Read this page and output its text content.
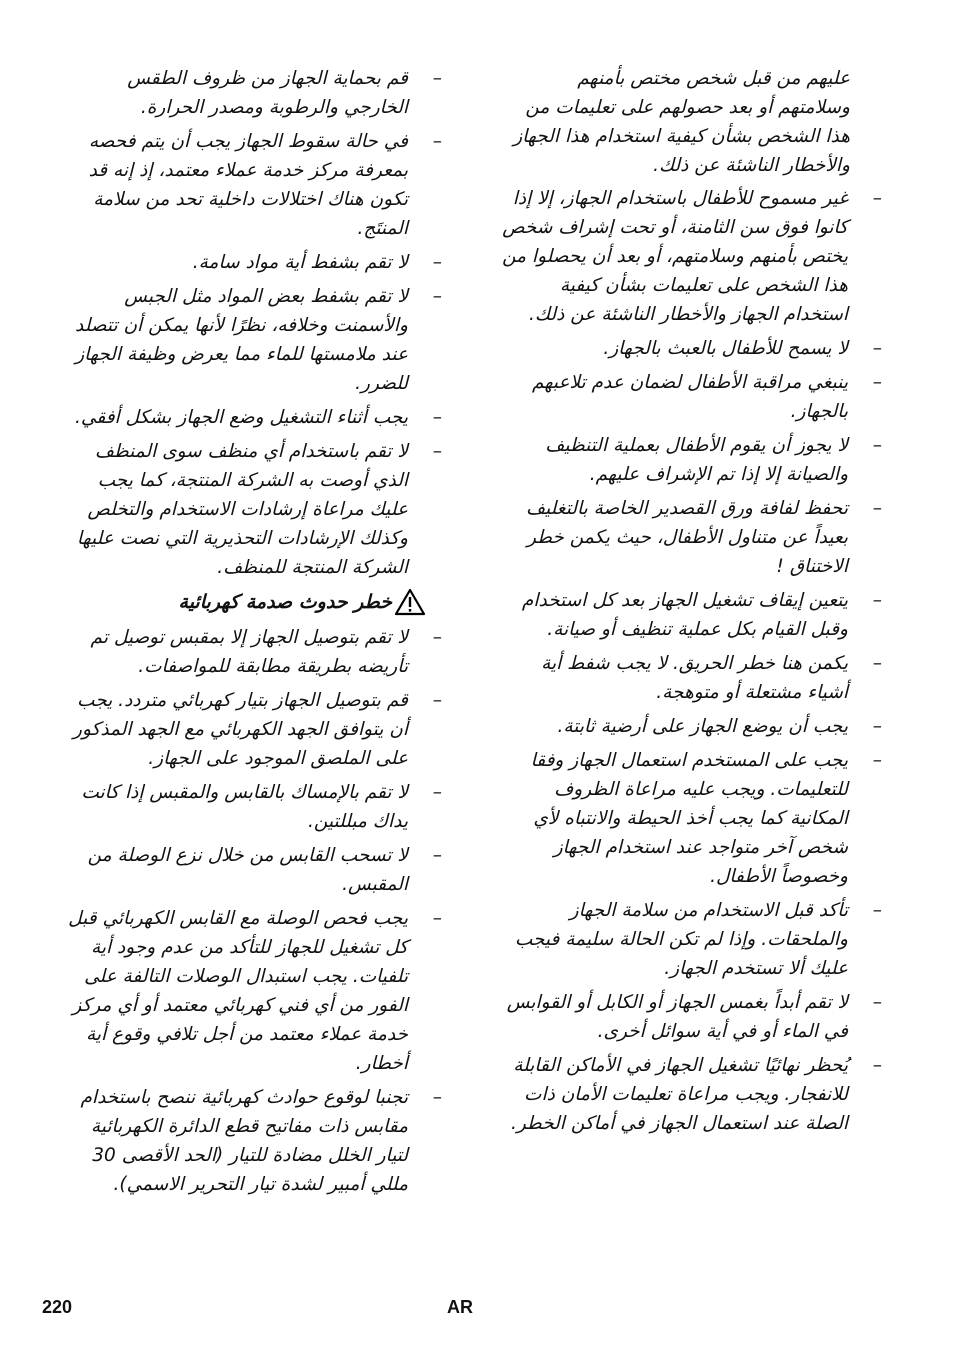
عليهم من قبل شخص مختص بأمنهم وسلامتهم أو بعد حصولهم على تعليمات من هذا الشخص بشأن كيفية استخدام هذا الجهاز والأخطار الناشئة عن ذلك.

–
غير مسموح للأطفال باستخدام الجهاز، إلا إذا كانوا فوق سن الثامنة، أو تحت إشراف شخص يختص بأمنهم وسلامتهم، أو بعد أن يحصلوا من هذا الشخص على تعليمات بشأن كيفية استخدام الجهاز والأخطار الناشئة عن ذلك.
–
لا يسمح للأطفال بالعبث بالجهاز.
–
ينبغي مراقبة الأطفال لضمان عدم تلاعبهم بالجهاز.
–
لا يجوز أن يقوم الأطفال بعملية التنظيف والصيانة إلا إذا تم الإشراف عليهم.
–
تحفظ لفافة ورق القصدير الخاصة بالتغليف بعيداً عن متناول الأطفال، حيث يكمن خطر الاختناق !
–
يتعين إيقاف تشغيل الجهاز بعد كل استخدام وقبل القيام بكل عملية تنظيف أو صيانة.
–
يكمن هنا خطر الحريق. لا يجب شفط أية أشياء مشتعلة أو متوهجة.
–
يجب أن يوضع الجهاز على أرضية ثابتة.
–
يجب على المستخدم استعمال الجهاز وفقا للتعليمات. ويجب عليه مراعاة الظروف المكانية كما يجب أخذ الحيطة والانتباه لأي شخص آخر متواجد عند استخدام الجهاز وخصوصاً الأطفال.
–
تأكد قبل الاستخدام من سلامة الجهاز والملحقات. وإذا لم تكن الحالة سليمة فيجب عليك ألا تستخدم الجهاز.
–
لا تقم أبداً بغمس الجهاز أو الكابل أو القوابس في الماء أو في أية سوائل أخرى.
–
يُحظر نهائيًا تشغيل الجهاز في الأماكن القابلة للانفجار. ويجب مراعاة تعليمات الأمان ذات الصلة عند استعمال الجهاز في أماكن الخطر.
–
قم بحماية الجهاز من ظروف الطقس الخارجي والرطوبة ومصدر الحرارة.
–
في حالة سقوط الجهاز يجب أن يتم فحصه بمعرفة مركز خدمة عملاء معتمد، إذ إنه قد تكون هناك اختلالات داخلية تحد من سلامة المنتَج.
–
لا تقم بشفط أية مواد سامة.
–
لا تقم بشفط بعض المواد مثل الجبس والأسمنت وخلافه، نظرًا لأنها يمكن أن تتصلد عند ملامستها للماء مما يعرض وظيفة الجهاز للضرر.
–
يجب أثناء التشغيل وضع الجهاز بشكل أفقي.
–
لا تقم باستخدام أي منظف سوى المنظف الذي أوصت به الشركة المنتجة، كما يجب عليك مراعاة إرشادات الاستخدام والتخلص وكذلك الإرشادات التحذيرية التي نصت عليها الشركة المنتجة للمنظف.
خطر حدوث صدمة كهربائية
–
لا تقم بتوصيل الجهاز إلا بمقبس توصيل تم تأريضه بطريقة مطابقة للمواصفات.
–
قم بتوصيل الجهاز بتيار كهربائي متردد. يجب أن يتوافق الجهد الكهربائي مع الجهد المذكور على الملصق الموجود على الجهاز.
–
لا تقم بالإمساك بالقابس والمقبس إذا كانت يداك مبللتين.
–
لا تسحب القابس من خلال نزع الوصلة من المقبس.
–
يجب فحص الوصلة مع القابس الكهربائي قبل كل تشغيل للجهاز للتأكد من عدم وجود أية تلفيات. يجب استبدال الوصلات التالفة على الفور من أي فني كهربائي معتمد أو أي مركز خدمة عملاء معتمد من أجل تلافي وقوع أية أخطار.
–
تجنبا لوقوع حوادث كهربائية ننصح باستخدام مقابس ذات مفاتيح قطع الدائرة الكهربائية لتيار الخلل مضادة للتيار (الحد الأقصى 30 مللي أمبير لشدة تيار التحرير الاسمي).
220	AR
